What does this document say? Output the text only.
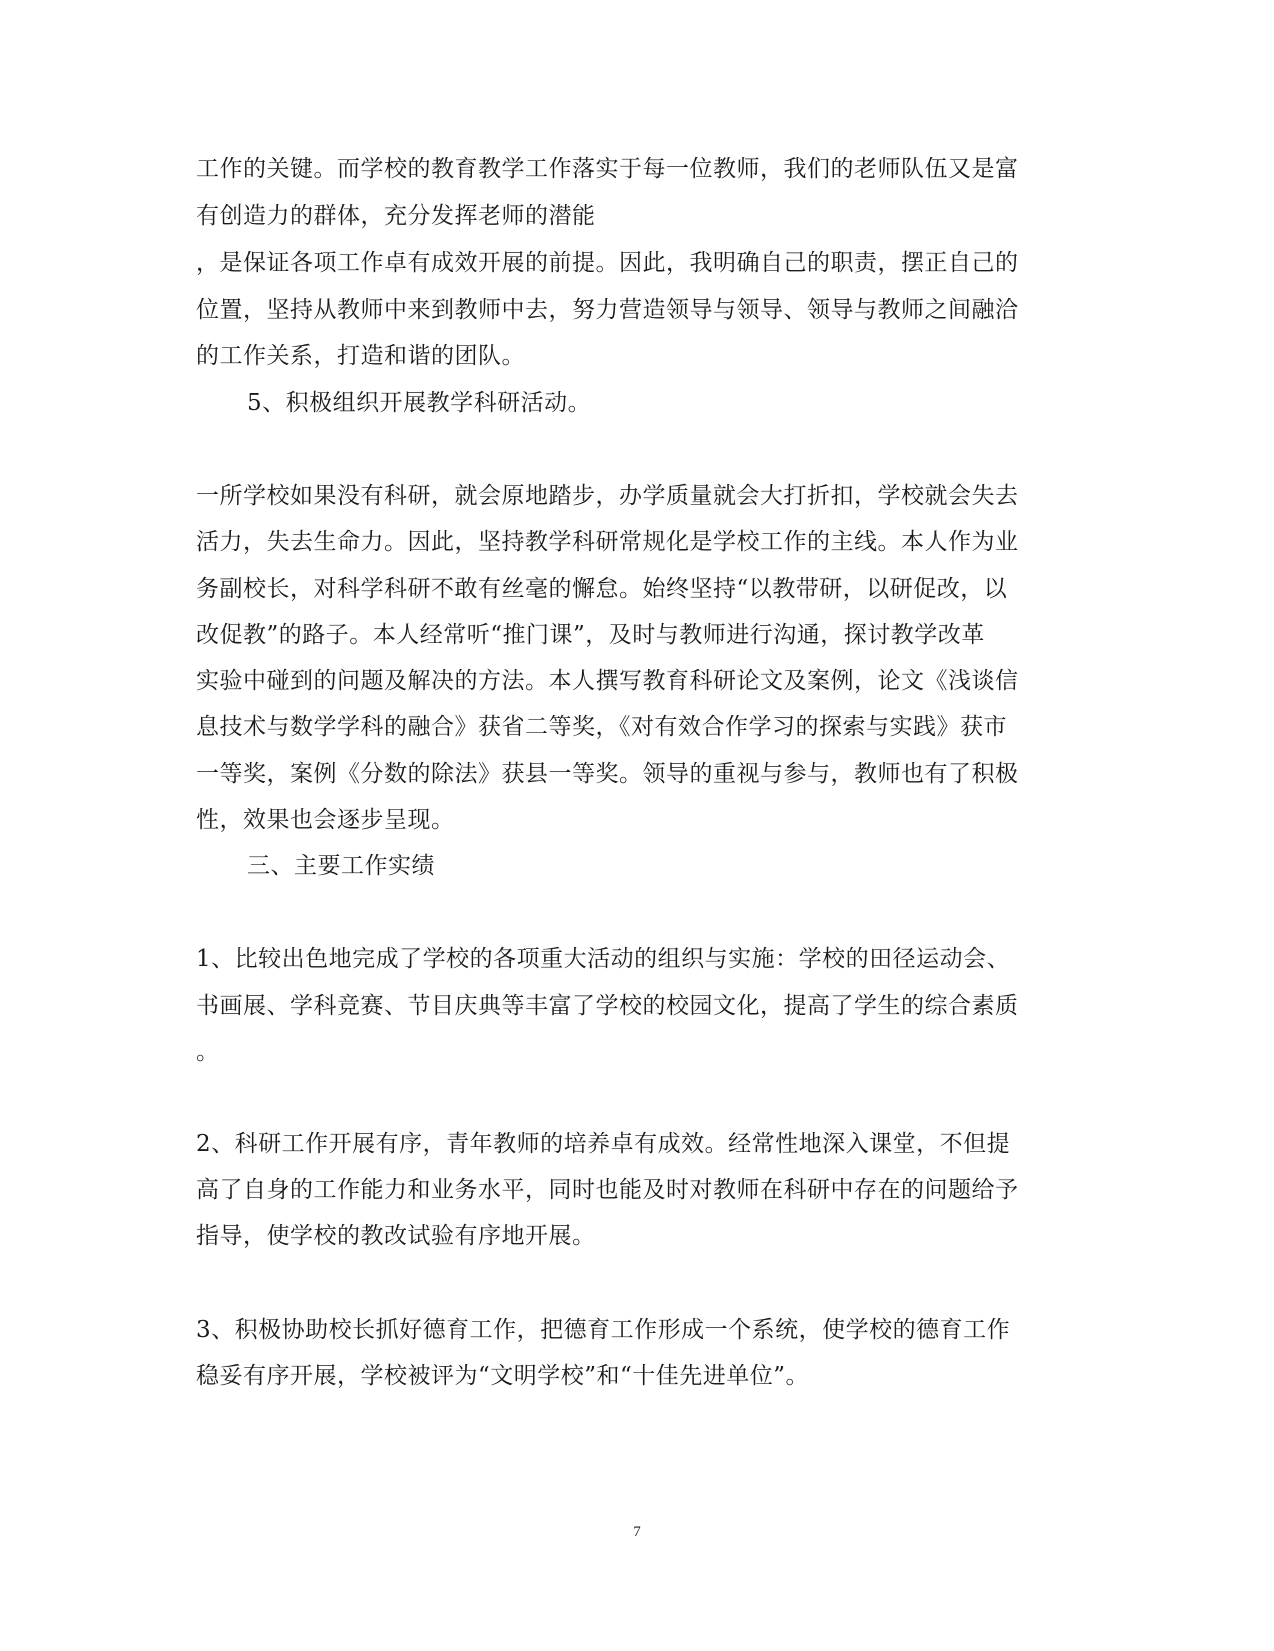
工作的关键。而学校的教育教学工作落实于每一位教师，我们的老师队伍又是富
有创造力的群体，充分发挥老师的潜能
，是保证各项工作卓有成效开展的前提。因此，我明确自己的职责，摆正自己的
位置，坚持从教师中来到教师中去，努力营造领导与领导、领导与教师之间融洽
的工作关系，打造和谐的团队。
5、积极组织开展教学科研活动。
一所学校如果没有科研，就会原地踏步，办学质量就会大打折扣，学校就会失去
活力，失去生命力。因此，坚持教学科研常规化是学校工作的主线。本人作为业
务副校长，对科学科研不敢有丝毫的懈怠。始终坚持“以教带研，以研促改，以
改促教”的路子。本人经常听“推门课”，及时与教师进行沟通，探讨教学改革
实验中碰到的问题及解决的方法。本人撰写教育科研论文及案例，论文《浅谈信
息技术与数学学科的融合》获省二等奖，《对有效合作学习的探索与实践》获市
一等奖，案例《分数的除法》获县一等奖。领导的重视与参与，教师也有了积极
性，效果也会逐步呈现。
三、主要工作实绩
1、比较出色地完成了学校的各项重大活动的组织与实施：学校的田径运动会、
书画展、学科竞赛、节目庆典等丰富了学校的校园文化，提高了学生的综合素质
。
2、科研工作开展有序，青年教师的培养卓有成效。经常性地深入课堂，不但提
高了自身的工作能力和业务水平，同时也能及时对教师在科研中存在的问题给予
指导，使学校的教改试验有序地开展。
3、积极协助校长抓好德育工作，把德育工作形成一个系统，使学校的德育工作
稳妥有序开展，学校被评为“文明学校”和“十佳先进单位”。
7
